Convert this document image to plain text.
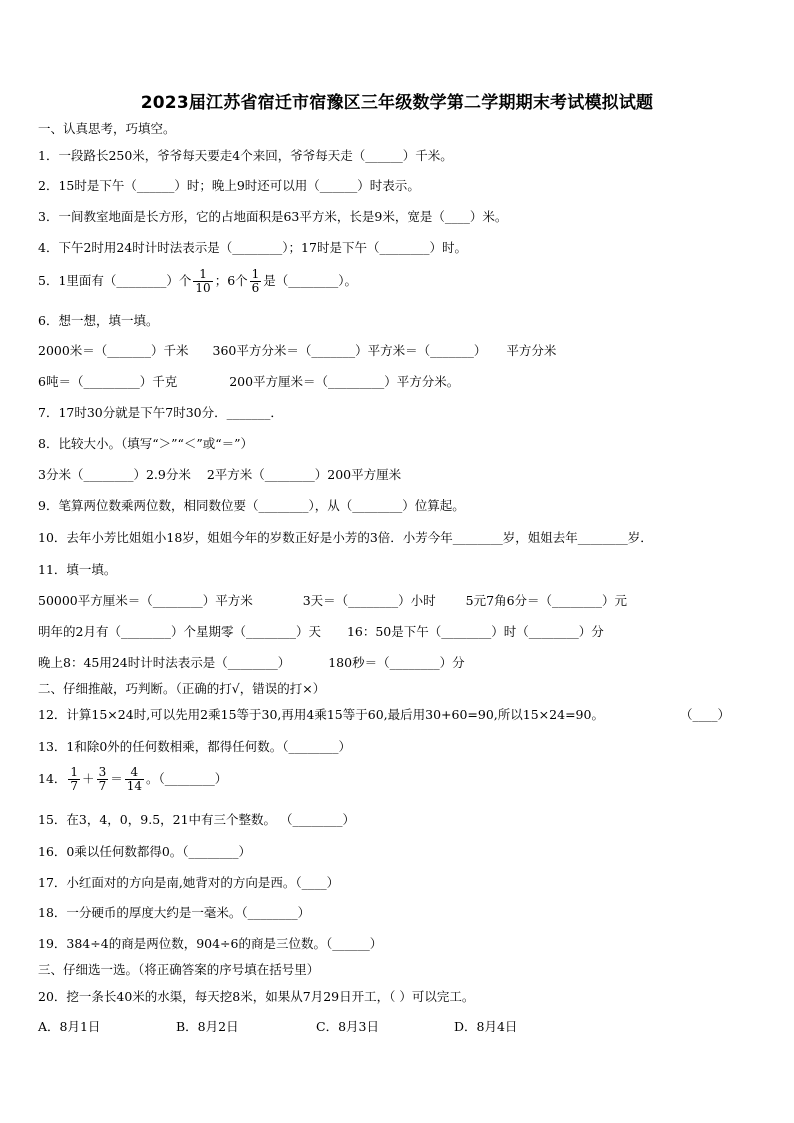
2023届江苏省宿迁市宿豫区三年级数学第二学期期末考试模拟试题
一、认真思考，巧填空。
1．一段路长250米，爷爷每天要走4个来回，爷爷每天走（______）千米。
2．15时是下午（______）时；晚上9时还可以用（______）时表示。
3．一间教室地面是长方形，它的占地面积是63平方米，长是9米，宽是（____）米。
4．下午2时用24时计时法表示是（________）；17时是下午（________）时。
5．1里面有（________）个 $\frac{1}{10}$ ；6个 $\frac{1}{6}$ 是（________）。
6．想一想，填一填。
2000米＝（_______）千米 360平方分米＝（_______）平方米＝（_______） 平方分米
6吨＝（_________）千克	200平方厘米＝（_________）平方分米。
7．17时30分就是下午7时30分．_______．
8．比较大小。（填写“＞”“＜”或“＝”）
3分米（________）2.9分米 2平方米（________）200平方厘米
9．笔算两位数乘两位数，相同数位要（________），从（________）位算起。
10．去年小芳比姐姐小18岁，姐姐今年的岁数正好是小芳的3倍．小芳今年________岁，姐姐去年________岁．
11．填一填。
50000平方厘米＝（________）平方米	3天＝（________）小时 5元7角6分＝（________）元
明年的2月有（________）个星期零（________）天 16：50是下午（________）时（________）分
晚上8：45用24时计时法表示是（________）	180秒＝（________）分
二、仔细推敲，巧判断。（正确的打√，错误的打×）
12．计算15×24时,可以先用2乘15等于30,再用4乘15等于60,最后用30+60=90,所以15×24=90。	（____）
13．1和除0外的任何数相乘，都得任何数。（________）
14． $\frac{1}{7} + \frac{3}{7} = \frac{4}{14}$ 。（________）
15．在3，4，0，9.5，21中有三个整数。 （________）
16．0乘以任何数都得0。（________）
17．小红面对的方向是南,她背对的方向是西。（____）
18．一分硬币的厚度大约是一毫米。（________）
19．384÷4的商是两位数，904÷6的商是三位数。（______）
三、仔细选一选。（将正确答案的序号填在括号里）
20．挖一条长40米的水渠，每天挖8米，如果从7月29日开工，（ ）可以完工。
A．8月1日	B．8月2日	C．8月3日	D．8月4日
